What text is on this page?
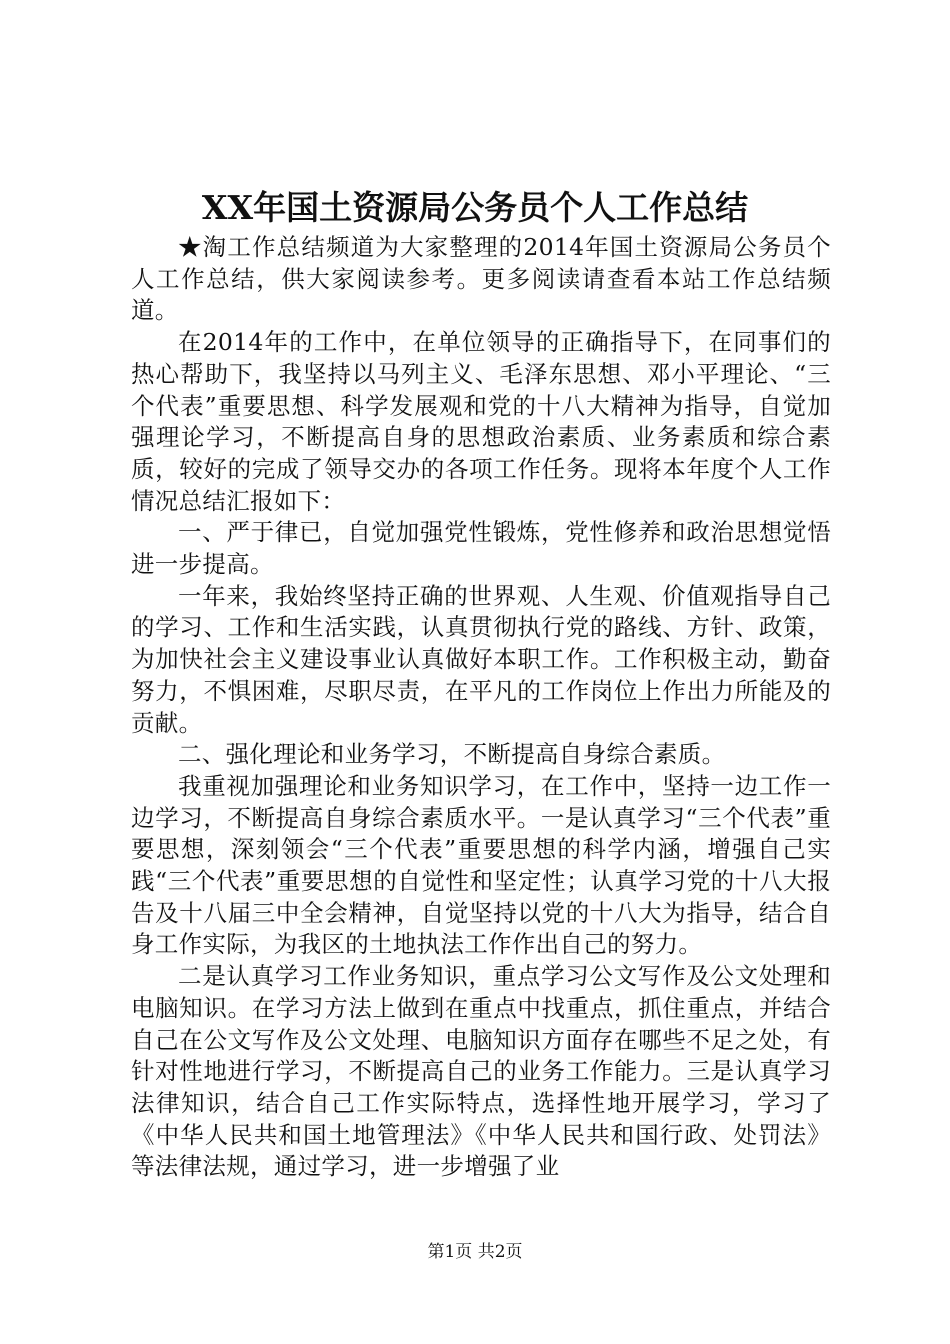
XX年国土资源局公务员个人工作总结

★淘工作总结频道为大家整理的2014年国土资源局公务员个人工作总结，供大家阅读参考。更多阅读请查看本站工作总结频道。

在2014年的工作中，在单位领导的正确指导下，在同事们的热心帮助下，我坚持以马列主义、毛泽东思想、邓小平理论、“三个代表”重要思想、科学发展观和党的十八大精神为指导，自觉加强理论学习，不断提高自身的思想政治素质、业务素质和综合素质，较好的完成了领导交办的各项工作任务。现将本年度个人工作情况总结汇报如下：

一、严于律已，自觉加强党性锻炼，党性修养和政治思想觉悟进一步提高。

一年来，我始终坚持正确的世界观、人生观、价值观指导自己的学习、工作和生活实践，认真贯彻执行党的路线、方针、政策，为加快社会主义建设事业认真做好本职工作。工作积极主动，勤奋努力，不惧困难，尽职尽责，在平凡的工作岗位上作出力所能及的贡献。

二、强化理论和业务学习，不断提高自身综合素质。

我重视加强理论和业务知识学习，在工作中，坚持一边工作一边学习，不断提高自身综合素质水平。一是认真学习“三个代表”重要思想，深刻领会“三个代表”重要思想的科学内涵，增强自己实践“三个代表”重要思想的自觉性和坚定性；认真学习党的十八大报告及十八届三中全会精神，自觉坚持以党的十八大为指导，结合自身工作实际，为我区的土地执法工作作出自己的努力。

二是认真学习工作业务知识，重点学习公文写作及公文处理和电脑知识。在学习方法上做到在重点中找重点，抓住重点，并结合自己在公文写作及公文处理、电脑知识方面存在哪些不足之处，有针对性地进行学习，不断提高自己的业务工作能力。三是认真学习法律知识，结合自己工作实际特点，选择性地开展学习，学习了《中华人民共和国土地管理法》《中华人民共和国行政、处罚法》等法律法规，通过学习，进一步增强了业

第1页 共2页
